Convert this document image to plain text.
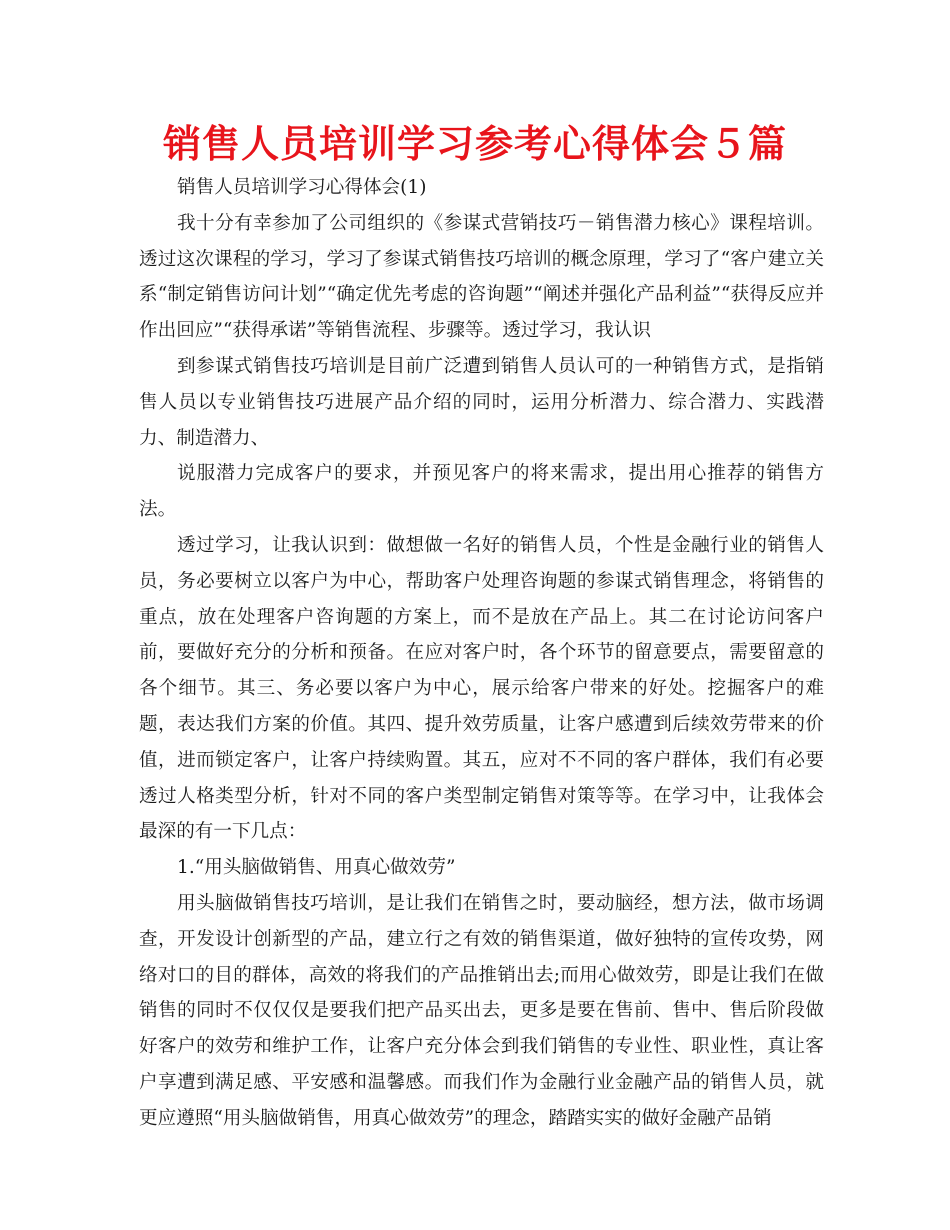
销售人员培训学习参考心得体会５篇

销售人员培训学习心得体会(1)

我十分有幸参加了公司组织的《参谋式营销技巧－销售潜力核心》课程培训。透过这次课程的学习，学习了参谋式销售技巧培训的概念原理，学习了“客户建立关系“制定销售访问计划”“确定优先考虑的咨询题”“阐述并强化产品利益”“获得反应并作出回应”“获得承诺”等销售流程、步骤等。透过学习，我认识

到参谋式销售技巧培训是目前广泛遭到销售人员认可的一种销售方式，是指销售人员以专业销售技巧进展产品介绍的同时，运用分析潜力、综合潜力、实践潜力、制造潜力、

说服潜力完成客户的要求，并预见客户的将来需求，提出用心推荐的销售方法。

透过学习，让我认识到：做想做一名好的销售人员，个性是金融行业的销售人员，务必要树立以客户为中心，帮助客户处理咨询题的参谋式销售理念，将销售的重点，放在处理客户咨询题的方案上，而不是放在产品上。其二在讨论访问客户前，要做好充分的分析和预备。在应对客户时，各个环节的留意要点，需要留意的各个细节。其三、务必要以客户为中心，展示给客户带来的好处。挖掘客户的难题，表达我们方案的价值。其四、提升效劳质量，让客户感遭到后续效劳带来的价值，进而锁定客户，让客户持续购置。其五，应对不不同的客户群体，我们有必要透过人格类型分析，针对不同的客户类型制定销售对策等等。在学习中，让我体会最深的有一下几点：

1.“用头脑做销售、用真心做效劳”

用头脑做销售技巧培训，是让我们在销售之时，要动脑经，想方法，做市场调查，开发设计创新型的产品，建立行之有效的销售渠道，做好独特的宣传攻势，网络对口的目的群体，高效的将我们的产品推销出去;而用心做效劳，即是让我们在做销售的同时不仅仅仅是要我们把产品买出去，更多是要在售前、售中、售后阶段做好客户的效劳和维护工作，让客户充分体会到我们销售的专业性、职业性，真让客户享遭到满足感、平安感和温馨感。而我们作为金融行业金融产品的销售人员，就更应遵照“用头脑做销售，用真心做效劳”的理念，踏踏实实的做好金融产品销
